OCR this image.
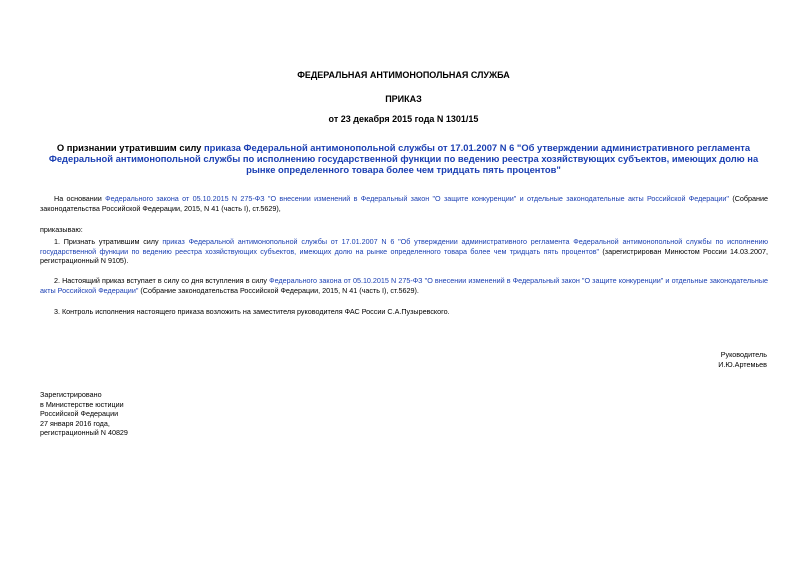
ФЕДЕРАЛЬНАЯ АНТИМОНОПОЛЬНАЯ СЛУЖБА
ПРИКАЗ
от 23 декабря 2015 года N 1301/15
О признании утратившим силу приказа Федеральной антимонопольной службы от 17.01.2007 N 6 "Об утверждении административного регламента Федеральной антимонопольной службы по исполнению государственной функции по ведению реестра хозяйствующих субъектов, имеющих долю на рынке определенного товара более чем тридцать пять процентов"
На основании Федерального закона от 05.10.2015 N 275-ФЗ "О внесении изменений в Федеральный закон "О защите конкуренции" и отдельные законодательные акты Российской Федерации" (Собрание законодательства Российской Федерации, 2015, N 41 (часть I), ст.5629),
приказываю:
1. Признать утратившим силу приказ Федеральной антимонопольной службы от 17.01.2007 N 6 "Об утверждении административного регламента Федеральной антимонопольной службы по исполнению государственной функции по ведению реестра хозяйствующих субъектов, имеющих долю на рынке определенного товара более чем тридцать пять процентов" (зарегистрирован Минюстом России 14.03.2007, регистрационный N 9105).
2. Настоящий приказ вступает в силу со дня вступления в силу Федерального закона от 05.10.2015 N 275-ФЗ "О внесении изменений в Федеральный закон "О защите конкуренции" и отдельные законодательные акты Российской Федерации" (Собрание законодательства Российской Федерации, 2015, N 41 (часть I), ст.5629).
3. Контроль исполнения настоящего приказа возложить на заместителя руководителя ФАС России С.А.Пузыревского.
Руководитель
И.Ю.Артемьев
Зарегистрировано
в Министерстве юстиции
Российской Федерации
27 января 2016 года,
регистрационный N 40829
